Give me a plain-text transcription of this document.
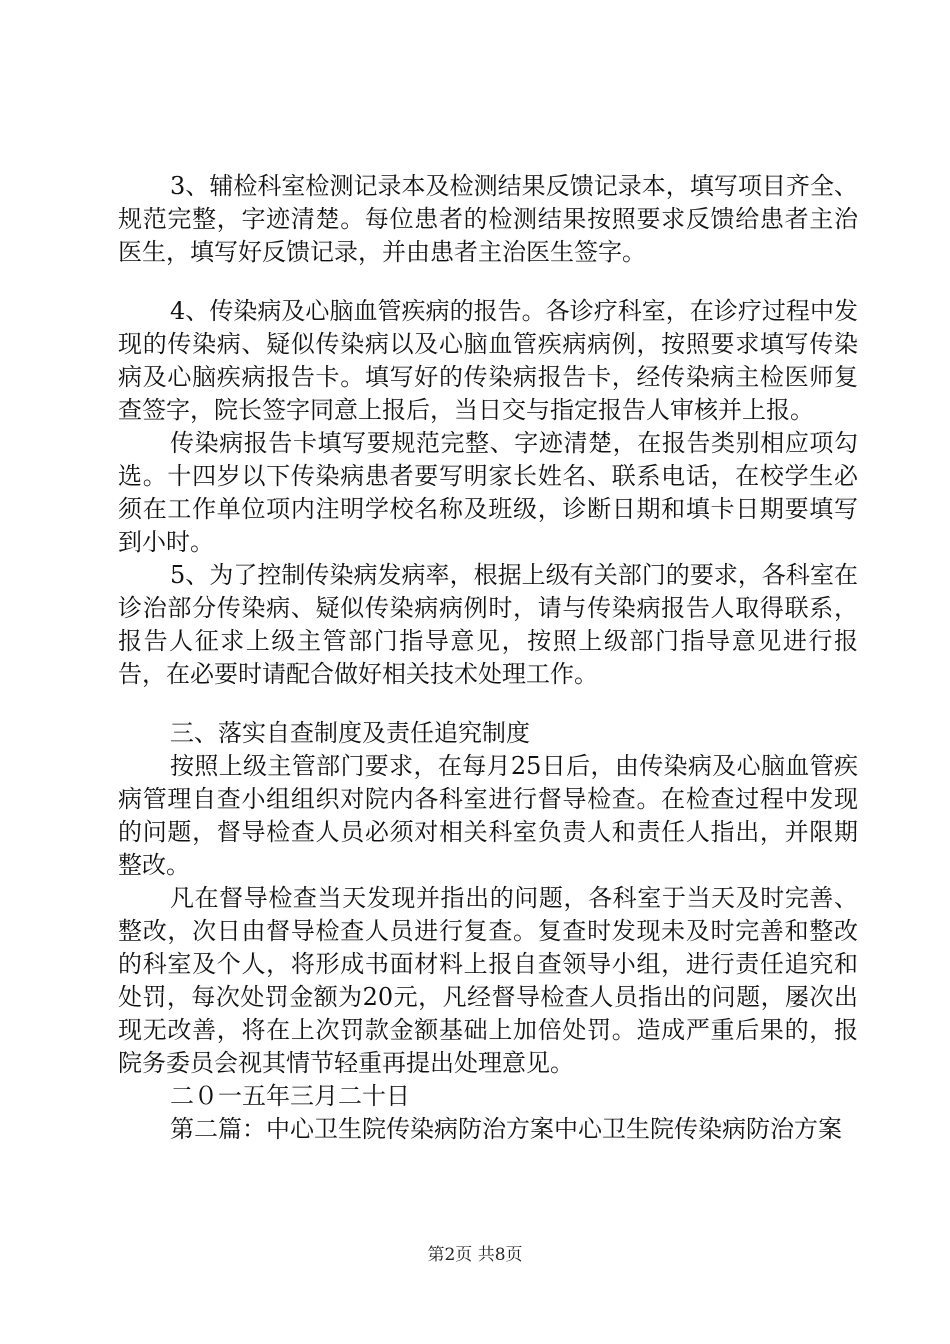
3、辅检科室检测记录本及检测结果反馈记录本，填写项目齐全、规范完整，字迹清楚。每位患者的检测结果按照要求反馈给患者主治医生，填写好反馈记录，并由患者主治医生签字。

4、传染病及心脑血管疾病的报告。各诊疗科室，在诊疗过程中发现的传染病、疑似传染病以及心脑血管疾病病例，按照要求填写传染病及心脑疾病报告卡。填写好的传染病报告卡，经传染病主检医师复查签字，院长签字同意上报后，当日交与指定报告人审核并上报。

传染病报告卡填写要规范完整、字迹清楚，在报告类别相应项勾选。十四岁以下传染病患者要写明家长姓名、联系电话，在校学生必须在工作单位项内注明学校名称及班级，诊断日期和填卡日期要填写到小时。

5、为了控制传染病发病率，根据上级有关部门的要求，各科室在诊治部分传染病、疑似传染病病例时，请与传染病报告人取得联系，报告人征求上级主管部门指导意见，按照上级部门指导意见进行报告，在必要时请配合做好相关技术处理工作。

三、落实自查制度及责任追究制度

按照上级主管部门要求，在每月25日后，由传染病及心脑血管疾病管理自查小组组织对院内各科室进行督导检查。在检查过程中发现的问题，督导检查人员必须对相关科室负责人和责任人指出，并限期整改。

凡在督导检查当天发现并指出的问题，各科室于当天及时完善、整改，次日由督导检查人员进行复查。复查时发现未及时完善和整改的科室及个人，将形成书面材料上报自查领导小组，进行责任追究和处罚，每次处罚金额为20元，凡经督导检查人员指出的问题，屡次出现无改善，将在上次罚款金额基础上加倍处罚。造成严重后果的，报院务委员会视其情节轻重再提出处理意见。

二０一五年三月二十日

第二篇：中心卫生院传染病防治方案中心卫生院传染病防治方案

第2页 共8页
